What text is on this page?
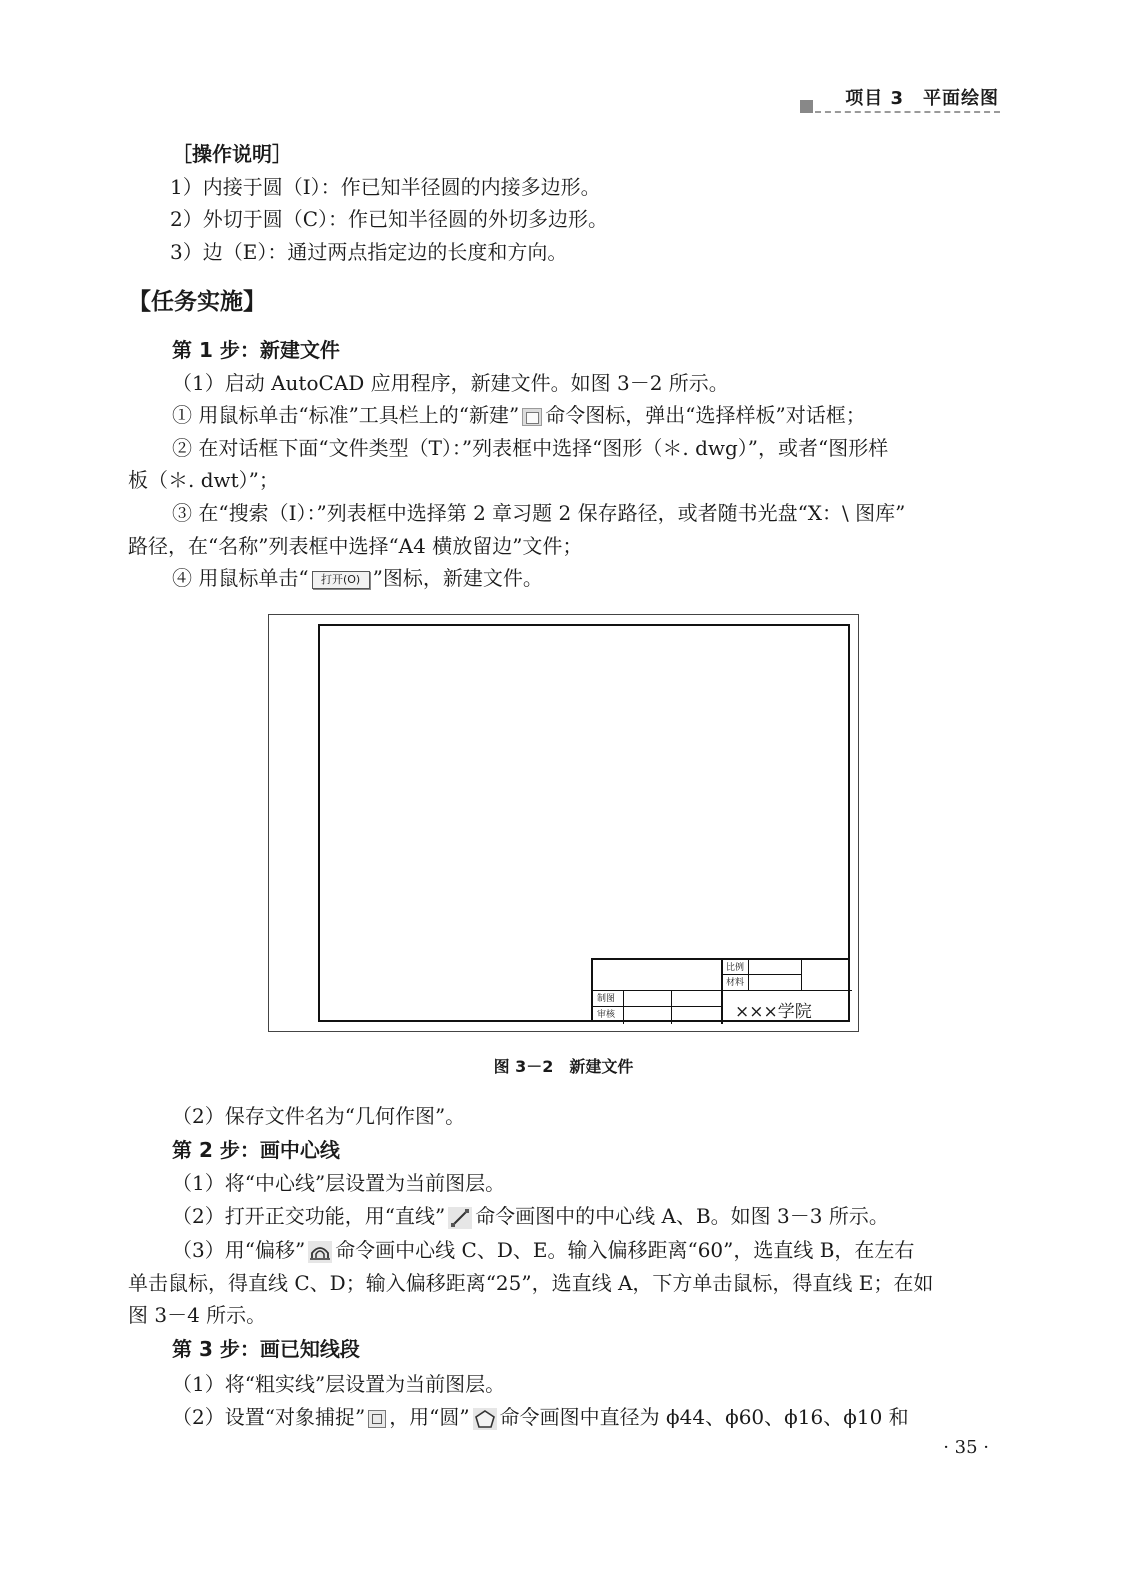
项目 3　平面绘图
［操作说明］
1）内接于圆（I）：作已知半径圆的内接多边形。
2）外切于圆（C）：作已知半径圆的外切多边形。
3）边（E）：通过两点指定边的长度和方向。
【任务实施】
第 1 步：新建文件
（1）启动 AutoCAD 应用程序，新建文件。如图 3－2 所示。
① 用鼠标单击“标准”工具栏上的“新建” 命令图标，弹出“选择样板”对话框；
② 在对话框下面“文件类型（T）：”列表框中选择“图形（＊. dwg）”，或者“图形样
板（＊. dwt）”；
③ 在“搜索（I）：”列表框中选择第 2 章习题 2 保存路径，或者随书光盘“X：\ 图库”
路径，在“名称”列表框中选择“A4 横放留边”文件；
④ 用鼠标单击“ 打开(O) ”图标，新建文件。
比例
材料
制图
审核	×××学院
图 3－2　新建文件
（2）保存文件名为“几何作图”。
第 2 步：画中心线
（1）将“中心线”层设置为当前图层。
（2）打开正交功能，用“直线” 命令画图中的中心线 A、B。如图 3－3 所示。
（3）用“偏移” 命令画中心线 C、D、E。输入偏移距离“60”，选直线 B，在左右
单击鼠标，得直线 C、D；输入偏移距离“25”，选直线 A，下方单击鼠标，得直线 E；在如
图 3－4 所示。
第 3 步：画已知线段
（1）将“粗实线”层设置为当前图层。
（2）设置“对象捕捉” ，用“圆” 命令画图中直径为 ϕ44、ϕ60、ϕ16、ϕ10 和
· 35 ·
